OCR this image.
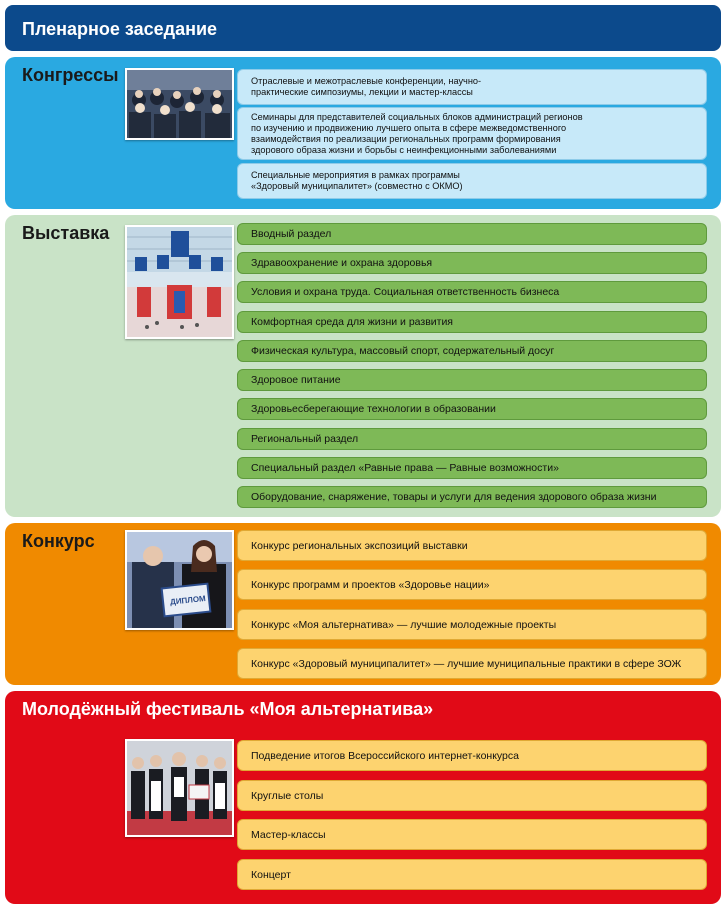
Пленарное заседание
Конгрессы	Отраслевые и межотраслевые конференции, научно-
практические симпозиумы, лекции и мастер-классы
Семинары для представителей социальных блоков администраций регионов
по изучению и продвижению лучшего опыта в сфере межведомственного
взаимодействия по реализации региональных программ формирования
здорового образа жизни и борьбы с неинфекционными заболеваниями
Специальные мероприятия в рамках программы
«Здоровый муниципалитет» (совместно с ОКМО)
Выставка	Вводный раздел
Здравоохранение и охрана здоровья
Условия и охрана труда. Социальная ответственность бизнеса
Комфортная среда для жизни и развития
Физическая культура, массовый спорт, содержательный досуг
Здоровое питание
Здоровьесберегающие технологии в образовании
Региональный раздел
Специальный раздел «Равные права — Равные возможности»
Оборудование, снаряжение, товары и услуги для ведения здорового образа жизни
Конкурс
ДИПЛОМ
Конкурс региональных экспозиций выставки
Конкурс программ и проектов «Здоровье нации»
Конкурс «Моя альтернатива» — лучшие молодежные проекты
Конкурс «Здоровый муниципалитет» — лучшие муниципальные практики в сфере ЗОЖ
Молодёжный фестиваль «Моя альтернатива»
Подведение итогов Всероссийского интернет-конкурса
Круглые столы
Мастер-классы
Концерт
